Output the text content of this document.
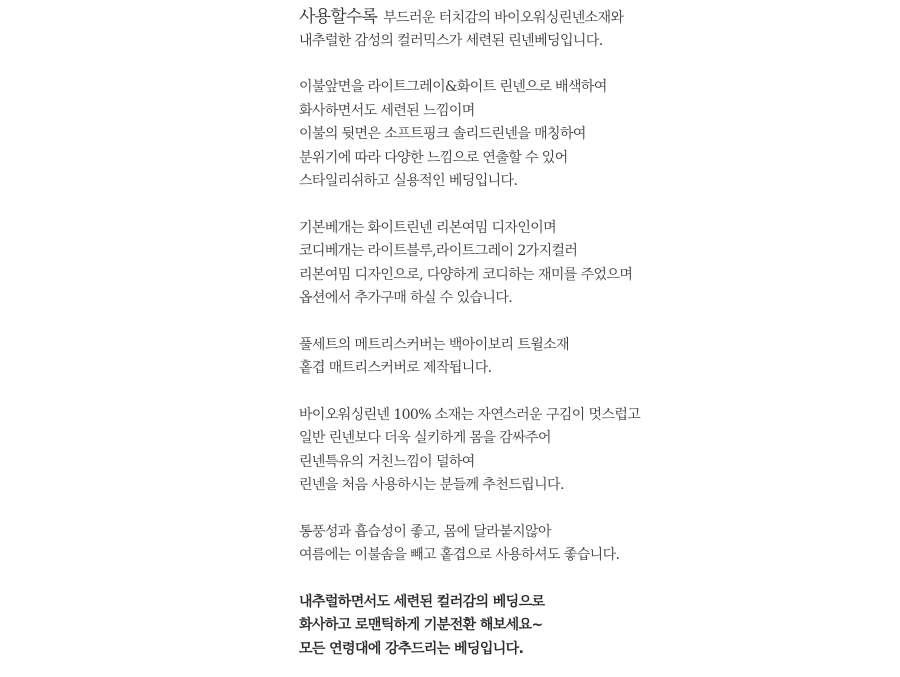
사용할수록 부드러운 터치감의 바이오워싱린넨소재와
내추럴한 감성의 컬러믹스가 세련된 린넨베딩입니다.
이불앞면을 라이트그레이&화이트 린넨으로 배색하여
화사하면서도 세련된 느낌이며
이불의 뒷면은 소프트핑크 솔리드린넨을 매칭하여
분위기에 따라 다양한 느낌으로 연출할 수 있어
스타일리쉬하고 실용적인 베딩입니다.
기본베개는 화이트린넨 리본여밈 디자인이며
코디베개는 라이트블루,라이트그레이 2가지컬러
리본여밈 디자인으로, 다양하게 코디하는 재미를 주었으며
옵션에서 추가구매 하실 수 있습니다.
풀세트의 메트리스커버는 백아이보리 트윌소재
홑겹 매트리스커버로 제작됩니다.
바이오워싱린넨 100% 소재는 자연스러운 구김이 멋스럽고
일반 린넨보다 더욱 실키하게 몸을 감싸주어
린넨특유의 거친느낌이 덜하여
린넨을 처음 사용하시는 분들께 추천드립니다.
통풍성과 흡습성이 좋고, 몸에 달라붙지않아
여름에는 이불솜을 빼고 홑겹으로 사용하셔도 좋습니다.
내추럴하면서도 세련된 컬러감의 베딩으로
화사하고 로맨틱하게 기분전환 해보세요~
모든 연령대에 강추드리는 베딩입니다.
